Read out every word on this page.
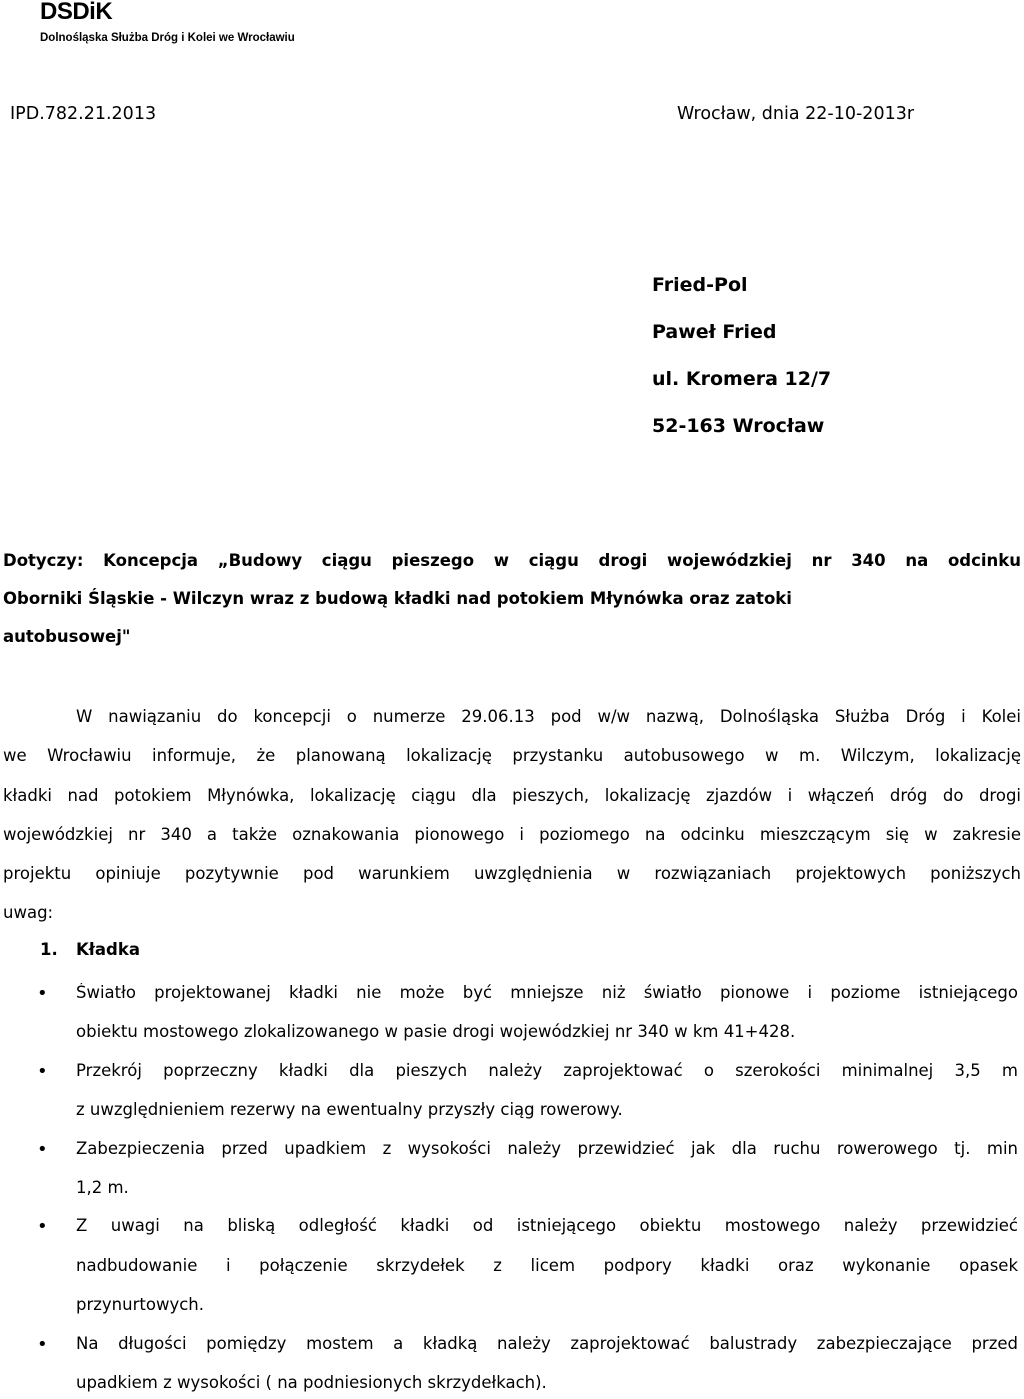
DSDiK
Dolnośląska Służba Dróg i Kolei we Wrocławiu
IPD.782.21.2013	Wrocław, dnia 22-10-2013r
Fried-Pol
Paweł Fried
ul. Kromera 12/7
52-163 Wrocław
Dotyczy: Koncepcja „Budowy ciągu pieszego w ciągu drogi wojewódzkiej nr 340 na odcinku
Oborniki Śląskie - Wilczyn wraz z budową kładki nad potokiem Młynówka oraz zatoki
autobusowej"
W nawiązaniu do koncepcji o numerze 29.06.13 pod w/w nazwą, Dolnośląska Służba Dróg i Kolei
we Wrocławiu informuje, że planowaną lokalizację przystanku autobusowego w m. Wilczym, lokalizację
kładki nad potokiem Młynówka, lokalizację ciągu dla pieszych, lokalizację zjazdów i włączeń dróg do drogi
wojewódzkiej nr 340 a także oznakowania pionowego i poziomego na odcinku mieszczącym się w zakresie
projektu opiniuje pozytywnie pod warunkiem uwzględnienia w rozwiązaniach projektowych poniższych
uwag:
1. Kładka
• Światło projektowanej kładki nie może być mniejsze niż światło pionowe i poziome istniejącego
obiektu mostowego zlokalizowanego w pasie drogi wojewódzkiej nr 340 w km 41+428.
• Przekrój poprzeczny kładki dla pieszych należy zaprojektować o szerokości minimalnej 3,5 m
z uwzględnieniem rezerwy na ewentualny przyszły ciąg rowerowy.
• Zabezpieczenia przed upadkiem z wysokości należy przewidzieć jak dla ruchu rowerowego tj. min
1,2 m.
• Z uwagi na bliską odległość kładki od istniejącego obiektu mostowego należy przewidzieć
nadbudowanie i połączenie skrzydełek z licem podpory kładki oraz wykonanie opasek
przynurtowych.
• Na długości pomiędzy mostem a kładką należy zaprojektować balustrady zabezpieczające przed
upadkiem z wysokości ( na podniesionych skrzydełkach).
